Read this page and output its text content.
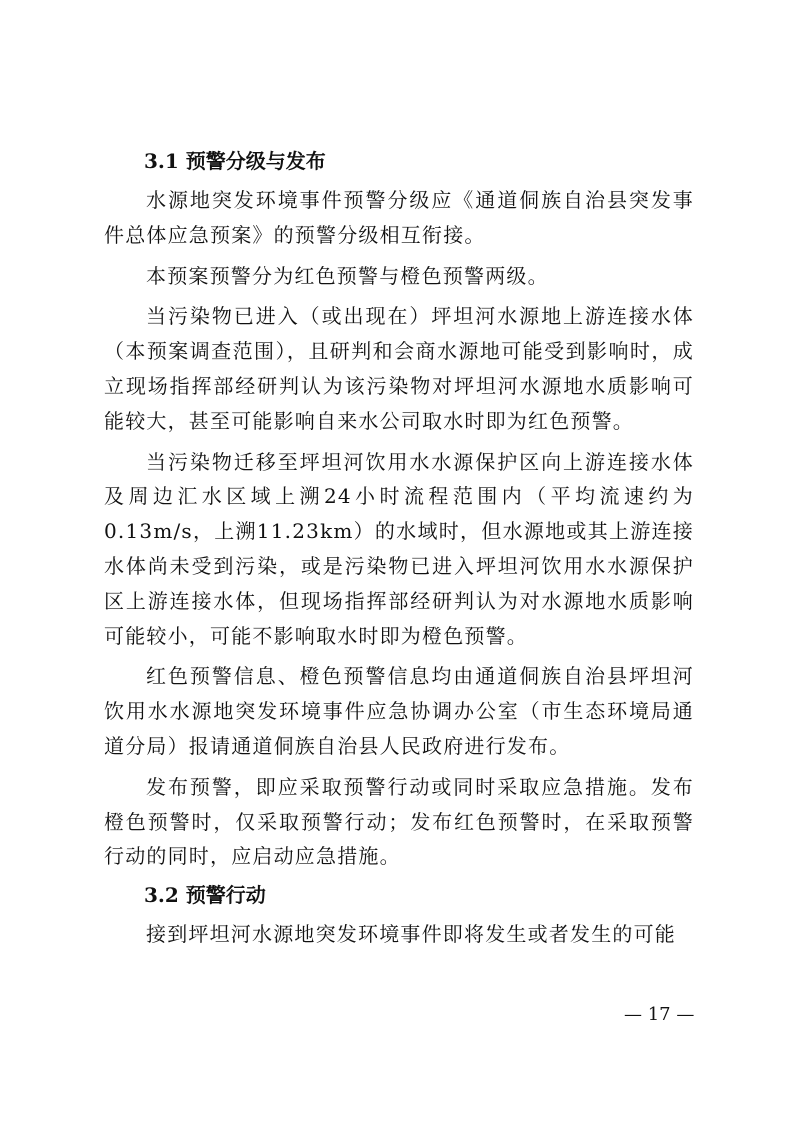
3.1 预警分级与发布

水源地突发环境事件预警分级应《通道侗族自治县突发事件总体应急预案》的预警分级相互衔接。

本预案预警分为红色预警与橙色预警两级。

当污染物已进入（或出现在）坪坦河水源地上游连接水体（本预案调查范围），且研判和会商水源地可能受到影响时，成立现场指挥部经研判认为该污染物对坪坦河水源地水质影响可能较大，甚至可能影响自来水公司取水时即为红色预警。

当污染物迁移至坪坦河饮用水水源保护区向上游连接水体及周边汇水区域上溯24小时流程范围内（平均流速约为0.13m/s，上溯11.23km）的水域时，但水源地或其上游连接水体尚未受到污染，或是污染物已进入坪坦河饮用水水源保护区上游连接水体，但现场指挥部经研判认为对水源地水质影响可能较小，可能不影响取水时即为橙色预警。

红色预警信息、橙色预警信息均由通道侗族自治县坪坦河饮用水水源地突发环境事件应急协调办公室（市生态环境局通道分局）报请通道侗族自治县人民政府进行发布。

发布预警，即应采取预警行动或同时采取应急措施。发布橙色预警时，仅采取预警行动；发布红色预警时，在采取预警行动的同时，应启动应急措施。

3.2 预警行动

接到坪坦河水源地突发环境事件即将发生或者发生的可能

— 17 —
